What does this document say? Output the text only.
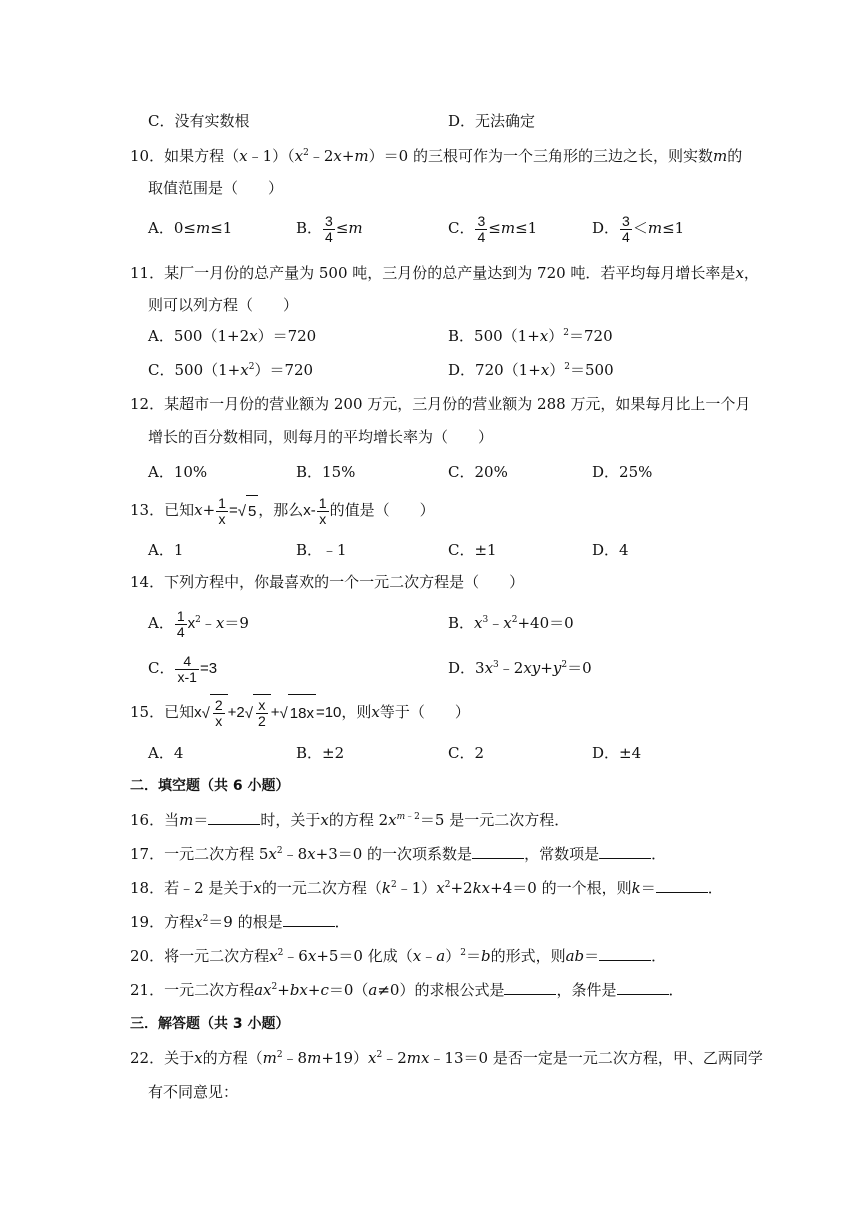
C．没有实数根	D．无法确定
10．如果方程$(x﹣1)(x^2﹣2x+m)=0$ 的三根可作为一个三角形的三边之长，则实数m的
取值范围是（　　）
A．0≤m≤1	B． $\frac{3}{4} \le m$	C． $\frac{3}{4} \le m\le 1$	D． $\frac{3}{4} <m\le 1$
11．某厂一月份的总产量为 500 吨，三月份的总产量达到为 720 吨．若平均每月增长率是x，
则可以列方程（　　）
A．500（1+2x）＝720	B．$500(1+x)^2=720$
C．$500(1+x^2)=720$	D．$720(1+x)^2=500$
12．某超市一月份的营业额为 200 万元，三月份的营业额为 288 万元，如果每月比上一个月
增长的百分数相同，则每月的平均增长率为（　　）
A．10%	B．15%	C．20%	D．25%
13．已知$x+ \frac{1}{x}$ =√ 5 ，那么$x- \frac{1}{x}$ 的值是（　　）
A．1	B．﹣1	C．±1	D．4
14．下列方程中，你最喜欢的一个一元二次方程是（　　）
A． $\frac{1}{4}$ $x^2﹣x=9$	B．$x^3﹣x^2+40=0$
C． $\frac{4}{x-1} =3$	D．$3x^3﹣2xy+y^2=0$
15．已知$x√ \frac{2}{x} +2√ \frac{x}{2}$ +√ 18x =10，则x等于（　　）
A．4	B．±2	C．2	D．±4
二．填空题（共 6 小题）
16．当m＝	时，关于x的方程 $2x^{m﹣2}=5$ 是一元二次方程．
17．一元二次方程 $5x^2﹣8x+3=0$ 的一次项系数是	，常数项是	．
18．若﹣2 是关于x的一元二次方程$(k^2﹣1)x^2+2kx+4=0$ 的一个根，则k＝	．
19．方程$x^2=9$ 的根是	．
20．将一元二次方程$x^2﹣6x+5=0$ 化成（x﹣a）$^2$＝b的形式，则ab＝	．
21．一元二次方程$ax^2+bx+c=0(a\ne 0)$的求根公式是	，条件是	．
三．解答题（共 3 小题）
22．关于x的方程$(m^2﹣8m+19)x^2﹣2mx﹣13=0$ 是否一定是一元二次方程，甲、乙两同学
有不同意见：
